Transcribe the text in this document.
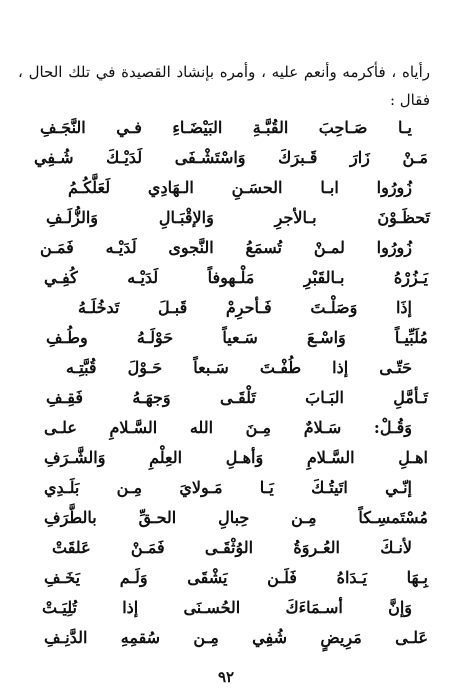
رأياه ، فأكرمه وأنعم عليه ، وأمره بإنشاد القصيدة في تلك الحال ،

فقال :

يـا صَـاحِبَ القُبَّـةِ البَيْضَـاءِ فـي النَّجَـفِ

مَـنْ زَارَ قَـبرَكَ وَاسْتَشْـفَى لَدَيْـكَ شُـفِي

زُورُوا ابـا الحسَـنِ الـهَادِي لَعَلَّكُـمُ

تَحظَـوْنَ بـالأجرِ وَالإقْبَـالِ وَالزُّلَـفِ

زُورُوا لمـنْ تُسمَعُ النَّجوى لَدَيْـه فَمَـن

يَـزُرْهُ بـالقَبْرِ مَلْـهوفاً لَدَيْـه كُفِـي

إذَا وَصَلْـتَ فَـأحرِمْ قَبـلَ تَدخُلَـهُ

مُلَبِّيـاً وَاسْـعَ سَـعياً حَوْلَـهُ وطُـفِ

حَتّـى إذا طُفْـتَ سَـبعاً حَـوْلَ قُبَّتِـه

تَـأمَّلِ البَـابَ تَلْقَـى وَجهَـهُ فَقِـفِ

وَقُـلْ: سَـلامٌ مِـنَ الله السَّـلامِ علـى

اهـلِ السَّـلامِ وَأهـلِ العِلْمِ وَالشَّـرَفِ

إنّـي اتَيتُـكَ يَـا مَـولايَ مِـن بَلَـدِي

مُسْتَمسِـكاً مِـن حِبالِ الحـقِّ بالطَّرَفِ

لأنـكَ العُـروَةُ الوُثْقَـى فَمَـنْ عَلقَتْ

بِـهَا يَـدَاهُ فَلَـن يَشْقَى وَلَـم يَخَـفِ

وَإنَّ أسـمَاءَكَ الحُسـنَى إذا تُلِيَـتْ

عَلـى مَرِيضٍ شُفِي مِـن سُقمِهِ الدَّنِـفِ

٩٢
